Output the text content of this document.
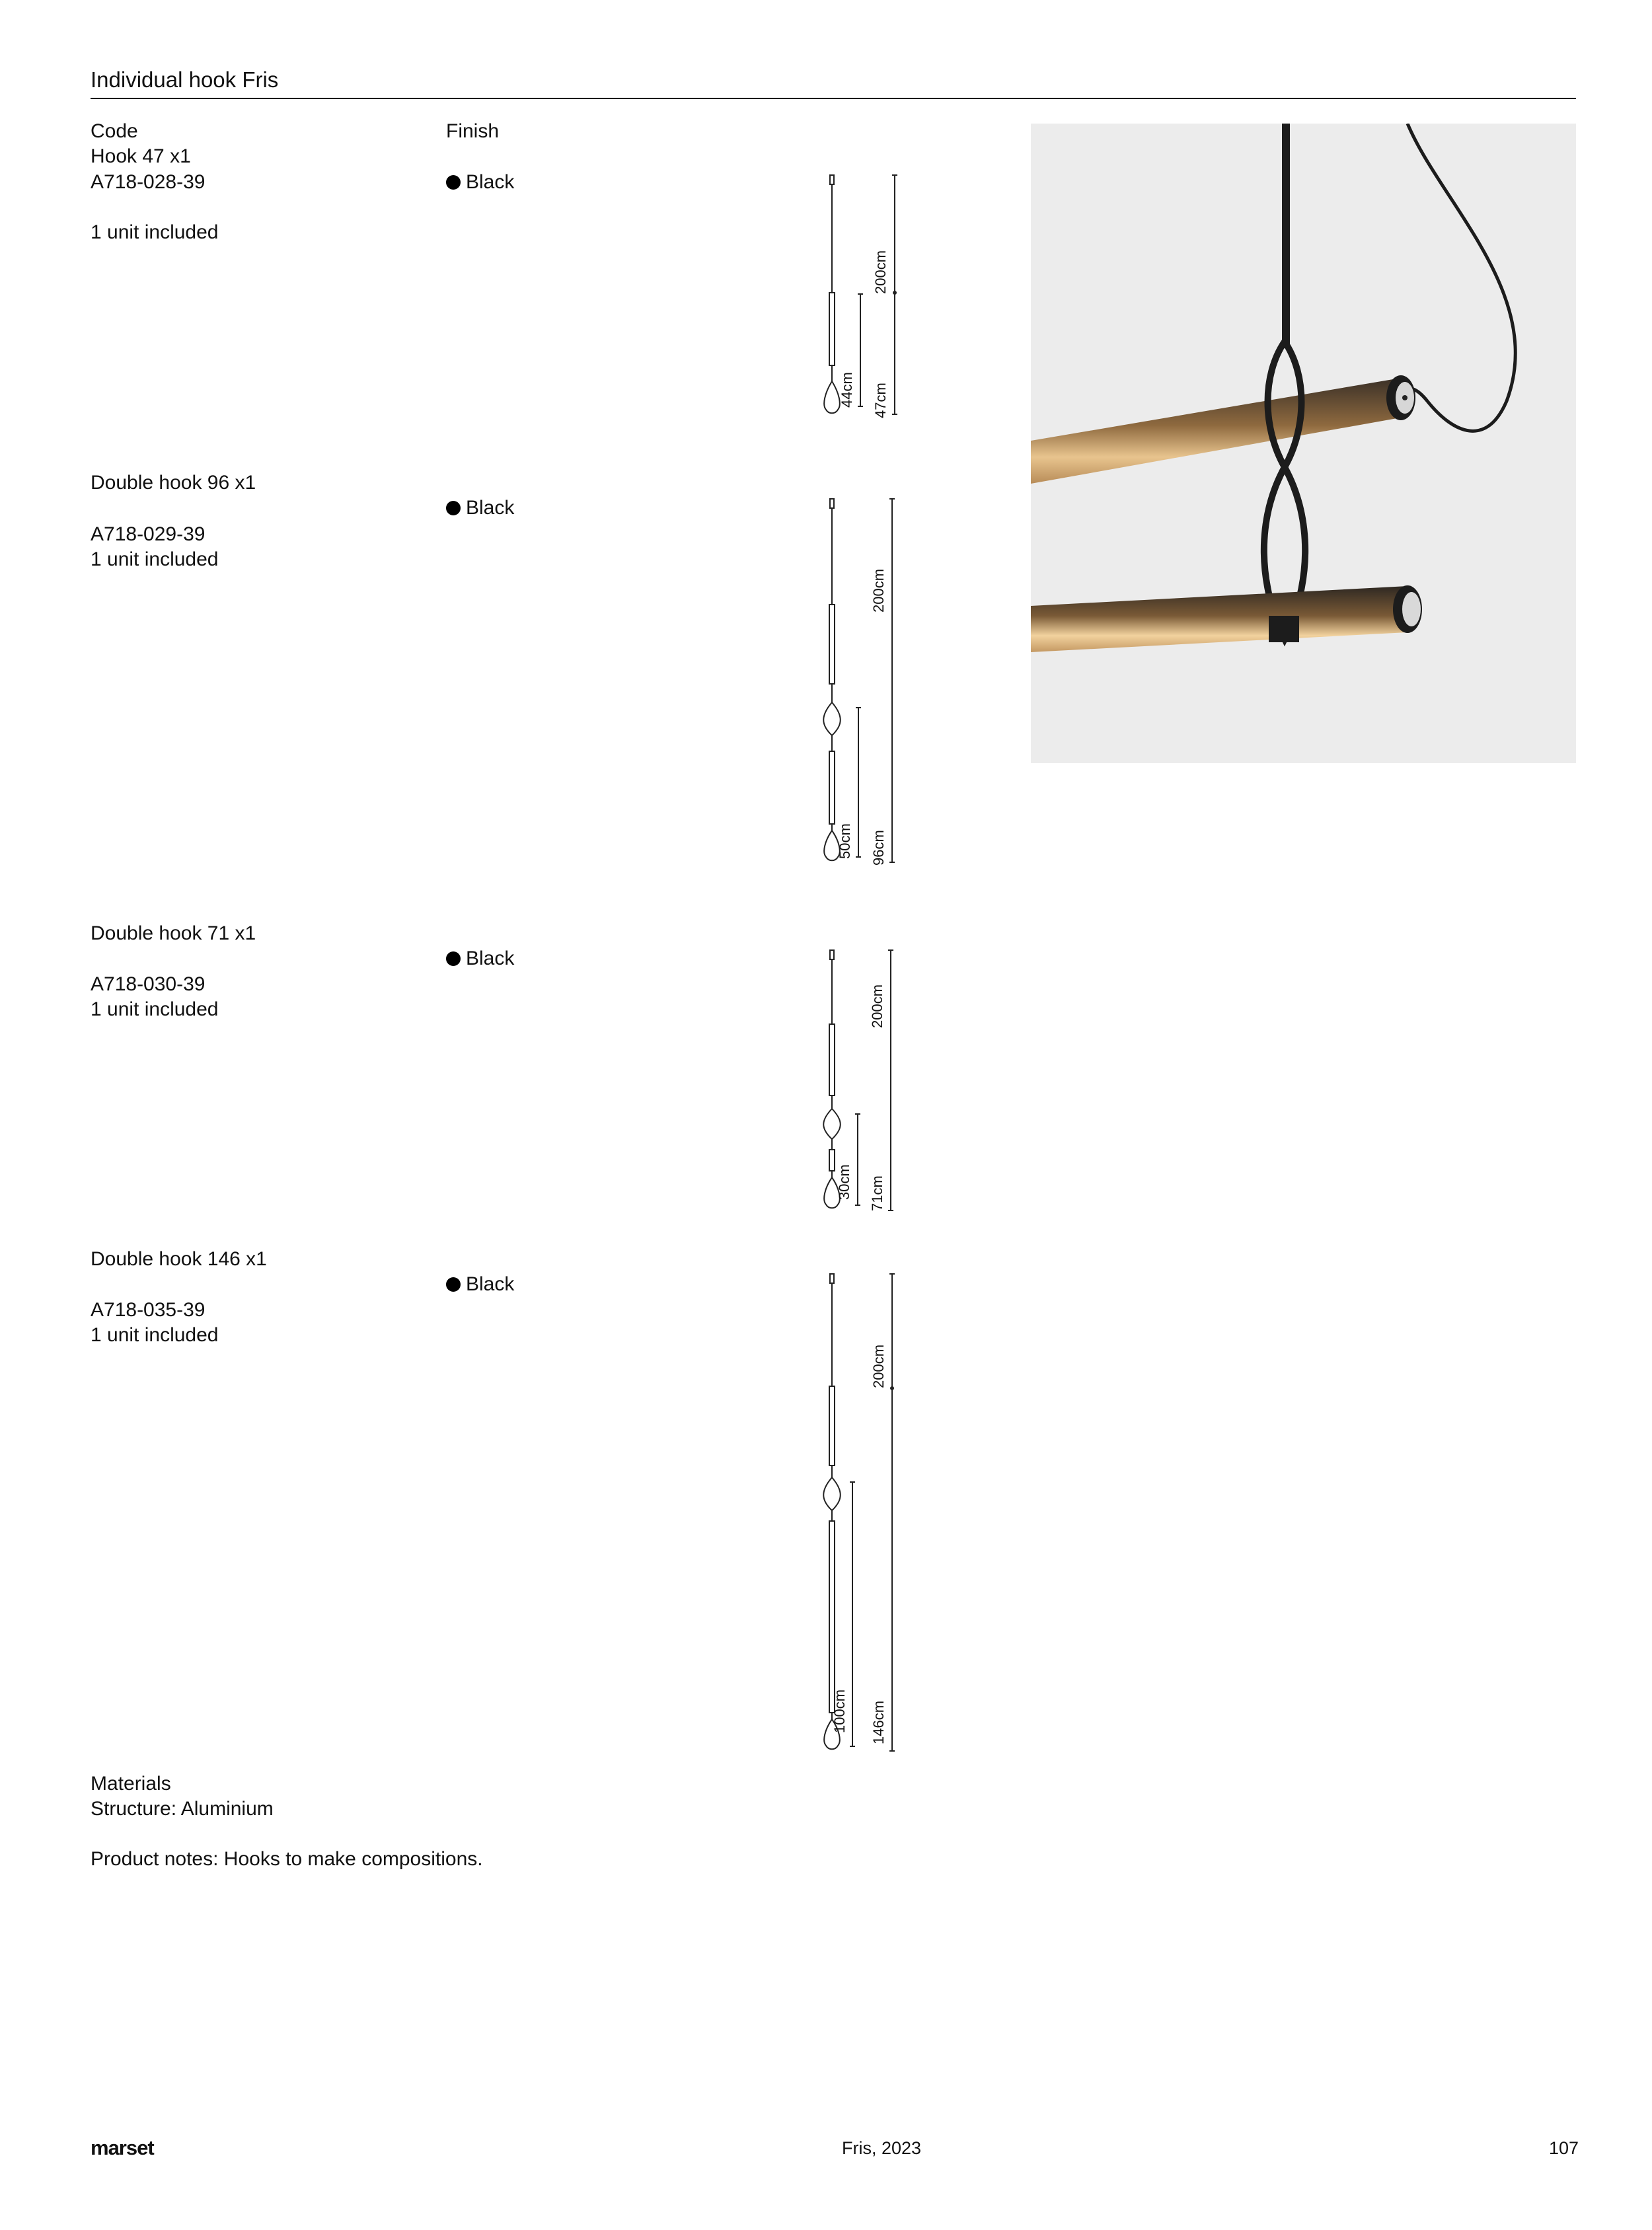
Individual hook Fris
Code	Finish
Hook 47 x1
A718-028-39
1 unit included
Black
Double hook 96 x1
A718-029-39
1 unit included
Black
Double hook 71 x1
A718-030-39
1 unit included
Black
Double hook 146 x1
A718-035-39
1 unit included
Black
200cm
47cm
44cm
200cm
96cm
50cm
200cm
71cm
30cm
200cm
146cm
100cm
Materials
Structure: Aluminium
Product notes: Hooks to make compositions.
marset	Fris, 2023	107
